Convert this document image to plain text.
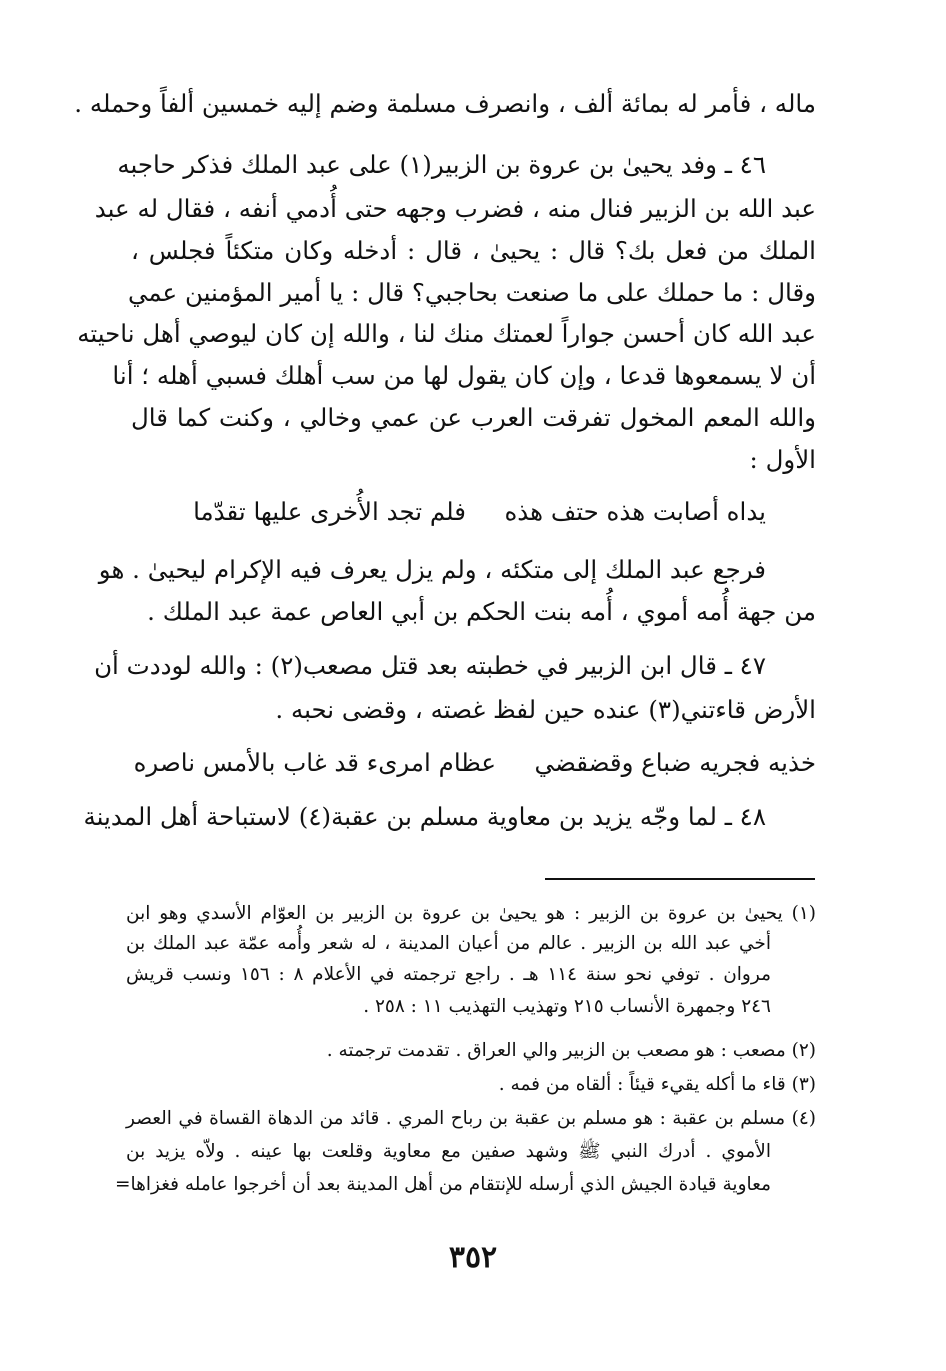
ماله ، فأمر له بمائة ألف ، وانصرف مسلمة وضم إليه خمسين ألفاً وحمله .
٤٦ ـ وفد يحيىٰ بن عروة بن الزبير(١) على عبد الملك فذكر حاجبه
عبد الله بن الزبير فنال منه ، فضرب وجهه حتى أُدمي أنفه ، فقال له عبد
الملك من فعل بك؟ قال : يحيىٰ ، قال : أدخله وكان متكئاً فجلس ،
وقال : ما حملك على ما صنعت بحاجبي؟ قال : يا أمير المؤمنين عمي
عبد الله كان أحسن جواراً لعمتك منك لنا ، والله إن كان ليوصي أهل ناحيته
أن لا يسمعوها قدعا ، وإن كان يقول لها من سب أهلك فسبي أهله ؛ أنا
والله المعم المخول تفرقت العرب عن عمي وخالي ، وكنت كما قال
الأول :
يداه أصابت هذه حتف هذه
فلم تجد الأُخرى عليها تقدّما
فرجع عبد الملك إلى متكئه ، ولم يزل يعرف فيه الإكرام ليحيىٰ . هو
من جهة أُمه أموي ، أُمه بنت الحكم بن أبي العاص عمة عبد الملك .
٤٧ ـ قال ابن الزبير في خطبته بعد قتل مصعب(٢) : والله لوددت أن
الأرض قاءتني(٣) عنده حين لفظ غصته ، وقضى نحبه .
خذيه فجريه ضباع وقضقضي
عظام امرىء قد غاب بالأمس ناصره
٤٨ ـ لما وجّه يزيد بن معاوية مسلم بن عقبة(٤) لاستباحة أهل المدينة
(١) يحيىٰ بن عروة بن الزبير : هو يحيىٰ بن عروة بن الزبير بن العوّام الأسدي وهو ابن
أخي عبد الله بن الزبير . عالم من أعيان المدينة ، له شعر وأُمه عمّة عبد الملك بن
مروان . توفي نحو سنة ١١٤ هـ . راجع ترجمته في الأعلام ٨ : ١٥٦ ونسب قريش
٢٤٦ وجمهرة الأنساب ٢١٥ وتهذيب التهذيب ١١ : ٢٥٨ .
(٢) مصعب : هو مصعب بن الزبير والي العراق . تقدمت ترجمته .
(٣) قاء ما أكله يقيء قيئاً : ألقاه من فمه .
(٤) مسلم بن عقبة : هو مسلم بن عقبة بن رباح المري . قائد من الدهاة القساة في العصر
الأموي . أدرك النبي ﷺ وشهد صفين مع معاوية وقلعت بها عينه . ولاّه يزيد بن
معاوية قيادة الجيش الذي أرسله للإنتقام من أهل المدينة بعد أن أخرجوا عامله فغزاها=
٣٥٢
